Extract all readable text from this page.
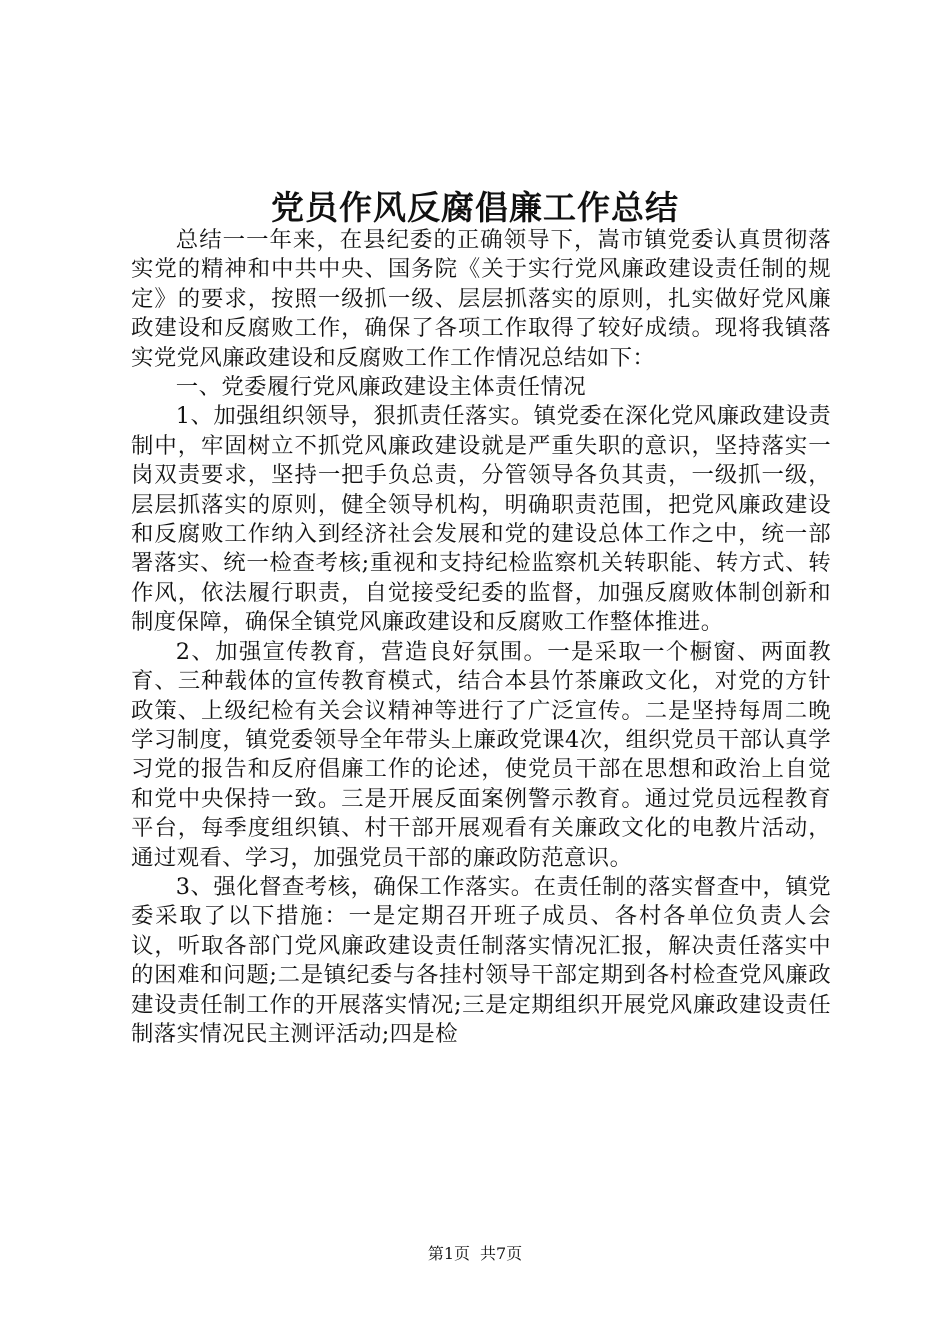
党员作风反腐倡廉工作总结

总结一一年来，在县纪委的正确领导下，嵩市镇党委认真贯彻落实党的精神和中共中央、国务院《关于实行党风廉政建设责任制的规定》的要求，按照一级抓一级、层层抓落实的原则，扎实做好党风廉政建设和反腐败工作，确保了各项工作取得了较好成绩。现将我镇落实党党风廉政建设和反腐败工作工作情况总结如下：

一、党委履行党风廉政建设主体责任情况

1、加强组织领导，狠抓责任落实。镇党委在深化党风廉政建设责制中，牢固树立不抓党风廉政建设就是严重失职的意识，坚持落实一岗双责要求，坚持一把手负总责，分管领导各负其责，一级抓一级，层层抓落实的原则，健全领导机构，明确职责范围，把党风廉政建设和反腐败工作纳入到经济社会发展和党的建设总体工作之中，统一部署落实、统一检查考核;重视和支持纪检监察机关转职能、转方式、转作风，依法履行职责，自觉接受纪委的监督，加强反腐败体制创新和制度保障，确保全镇党风廉政建设和反腐败工作整体推进。

2、加强宣传教育，营造良好氛围。一是采取一个橱窗、两面教育、三种载体的宣传教育模式，结合本县竹茶廉政文化，对党的方针政策、上级纪检有关会议精神等进行了广泛宣传。二是坚持每周二晚学习制度，镇党委领导全年带头上廉政党课4次，组织党员干部认真学习党的报告和反府倡廉工作的论述，使党员干部在思想和政治上自觉和党中央保持一致。三是开展反面案例警示教育。通过党员远程教育平台，每季度组织镇、村干部开展观看有关廉政文化的电教片活动，通过观看、学习，加强党员干部的廉政防范意识。

3、强化督查考核，确保工作落实。在责任制的落实督查中，镇党委采取了以下措施：一是定期召开班子成员、各村各单位负责人会议，听取各部门党风廉政建设责任制落实情况汇报，解决责任落实中的困难和问题;二是镇纪委与各挂村领导干部定期到各村检查党风廉政建设责任制工作的开展落实情况;三是定期组织开展党风廉政建设责任制落实情况民主测评活动;四是检

第1页 共7页
